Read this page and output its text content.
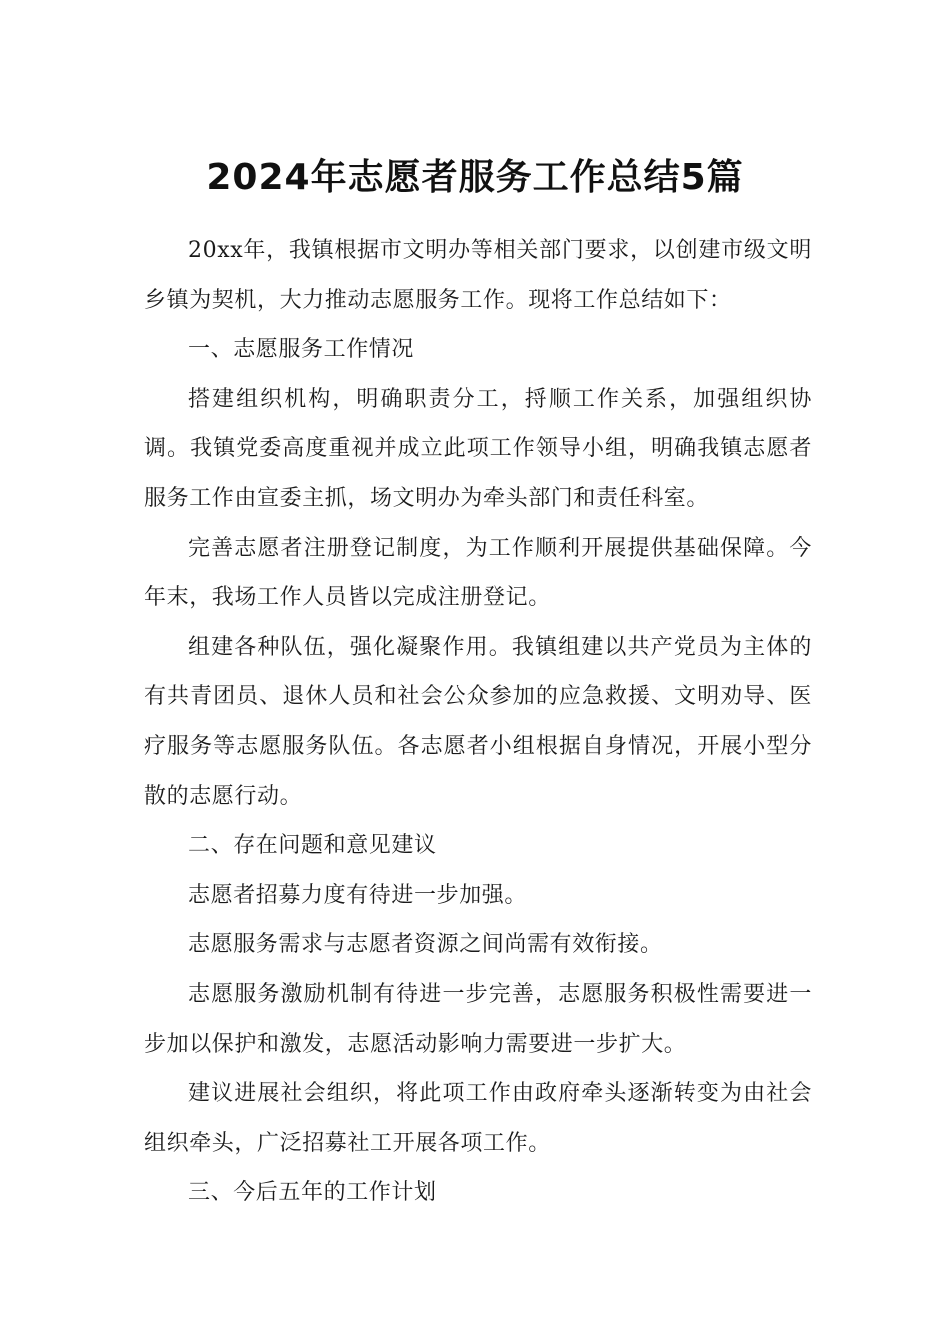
2024年志愿者服务工作总结5篇

20xx年，我镇根据市文明办等相关部门要求，以创建市级文明乡镇为契机，大力推动志愿服务工作。现将工作总结如下：

一、志愿服务工作情况

搭建组织机构，明确职责分工，捋顺工作关系，加强组织协调。我镇党委高度重视并成立此项工作领导小组，明确我镇志愿者服务工作由宣委主抓，场文明办为牵头部门和责任科室。

完善志愿者注册登记制度，为工作顺利开展提供基础保障。今年末，我场工作人员皆以完成注册登记。

组建各种队伍，强化凝聚作用。我镇组建以共产党员为主体的有共青团员、退休人员和社会公众参加的应急救援、文明劝导、医疗服务等志愿服务队伍。各志愿者小组根据自身情况，开展小型分散的志愿行动。

二、存在问题和意见建议

志愿者招募力度有待进一步加强。

志愿服务需求与志愿者资源之间尚需有效衔接。

志愿服务激励机制有待进一步完善，志愿服务积极性需要进一步加以保护和激发，志愿活动影响力需要进一步扩大。

建议进展社会组织，将此项工作由政府牵头逐渐转变为由社会组织牵头，广泛招募社工开展各项工作。

三、今后五年的工作计划
